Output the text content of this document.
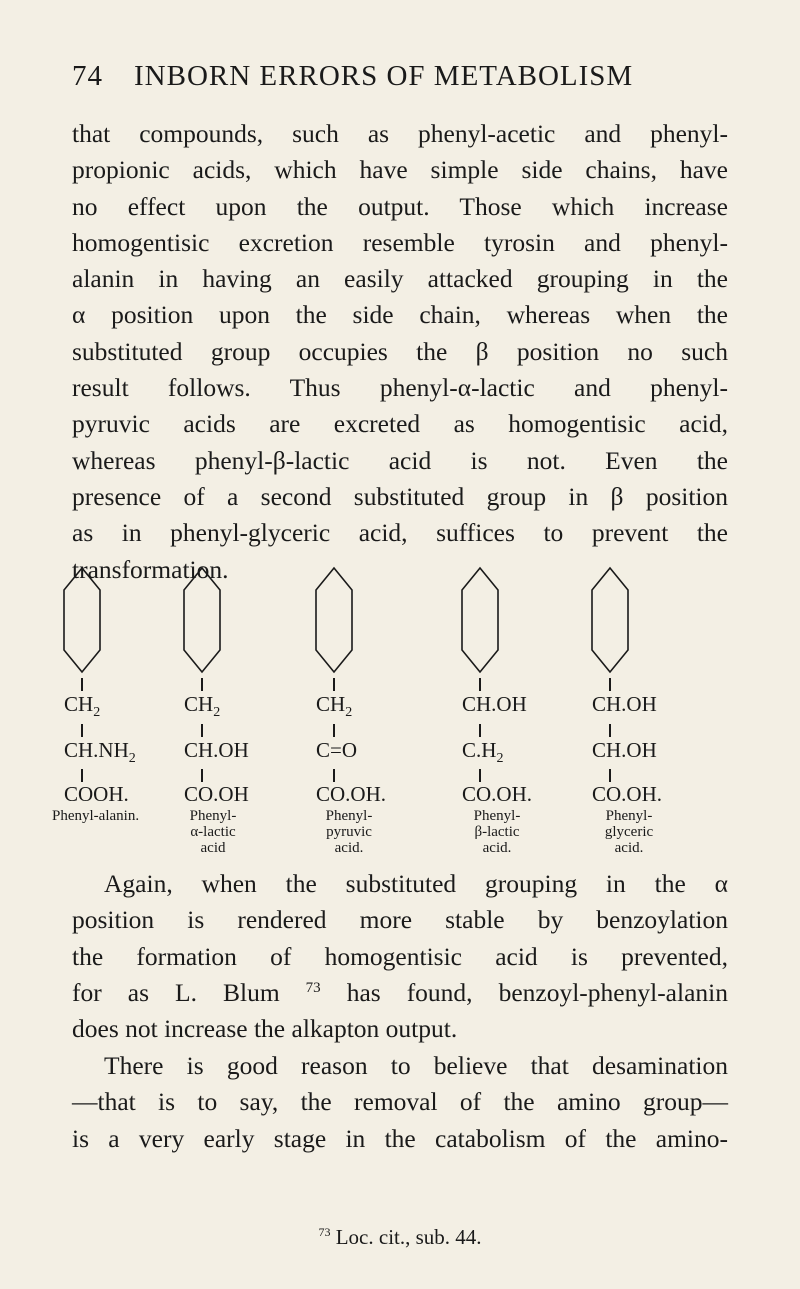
74 INBORN ERRORS OF METABOLISM
that compounds, such as phenyl-acetic and phenyl-
propionic acids, which have simple side chains, have
no effect upon the output. Those which increase
homogentisic excretion resemble tyrosin and phenyl-
alanin in having an easily attacked grouping in the
α position upon the side chain, whereas when the
substituted group occupies the β position no such
result follows. Thus phenyl-α-lactic and phenyl-
pyruvic acids are excreted as homogentisic acid,
whereas phenyl-β-lactic acid is not. Even the
presence of a second substituted group in β position
as in phenyl-glyceric acid, suffices to prevent the
transformation.
$CH_2$
$CH.NH_2$
COOH.
Phenyl-alanin.
$CH_2$
CH.OH
CO.OH
Phenyl-
α-lactic
acid
$CH_2$
C=O
CO.OH.
Phenyl-
pyruvic
acid.
CH.OH
$C.H_2$
CO.OH.
Phenyl-
β-lactic
acid.
CH.OH
CH.OH
CO.OH.
Phenyl-
glyceric
acid.
Again, when the substituted grouping in the α
position is rendered more stable by benzoylation
the formation of homogentisic acid is prevented,
for as L. Blum $^{73}$ has found, benzoyl-phenyl-alanin
does not increase the alkapton output.
There is good reason to believe that desamination
—that is to say, the removal of the amino group—
is a very early stage in the catabolism of the amino-
$^{73}$ Loc. cit., sub. 44.
